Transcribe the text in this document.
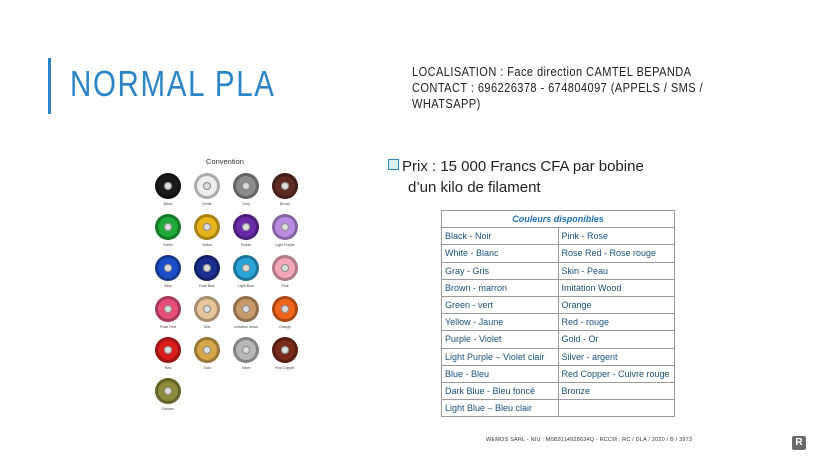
NORMAL PLA	LOCALISATION : Face direction CAMTEL BEPANDA
CONTACT : 696226378 - 674804097 (APPELS / SMS /
WHATSAPP)
Convention
Black	White	Grey	Brown
Green	Yellow	Purple	Light Purple
Blue	Dark Blue	Light Blue	Pink
Rose Red	Skin	Imitation wood	Orange
Red	Gold	Silver	Red Copper
Bronze
Prix : 15 000 Francs CFA par bobine
d’un kilo de filament
Couleurs disponibles	
Black - Noir	Pink - Rose
White - Blanc	Rose Red - Rose rouge
Gray - Gris	Skin - Peau
Brown - marron	Imitation Wood
Green - vert	Orange
Yellow - Jaune	Red - rouge
Purple - Violet	Gold - Or
Light Purple – Violet clair	Silver - argent
Blue - Bleu	Red Copper - Cuivre rouge
Dark Blue - Bleu foncé	Bronze
Light Blue – Bleu clair	
WEMOS SARL - NIU : M082014928634Q - RCCM : RC / DLA / 2020 / B / 3973	R
